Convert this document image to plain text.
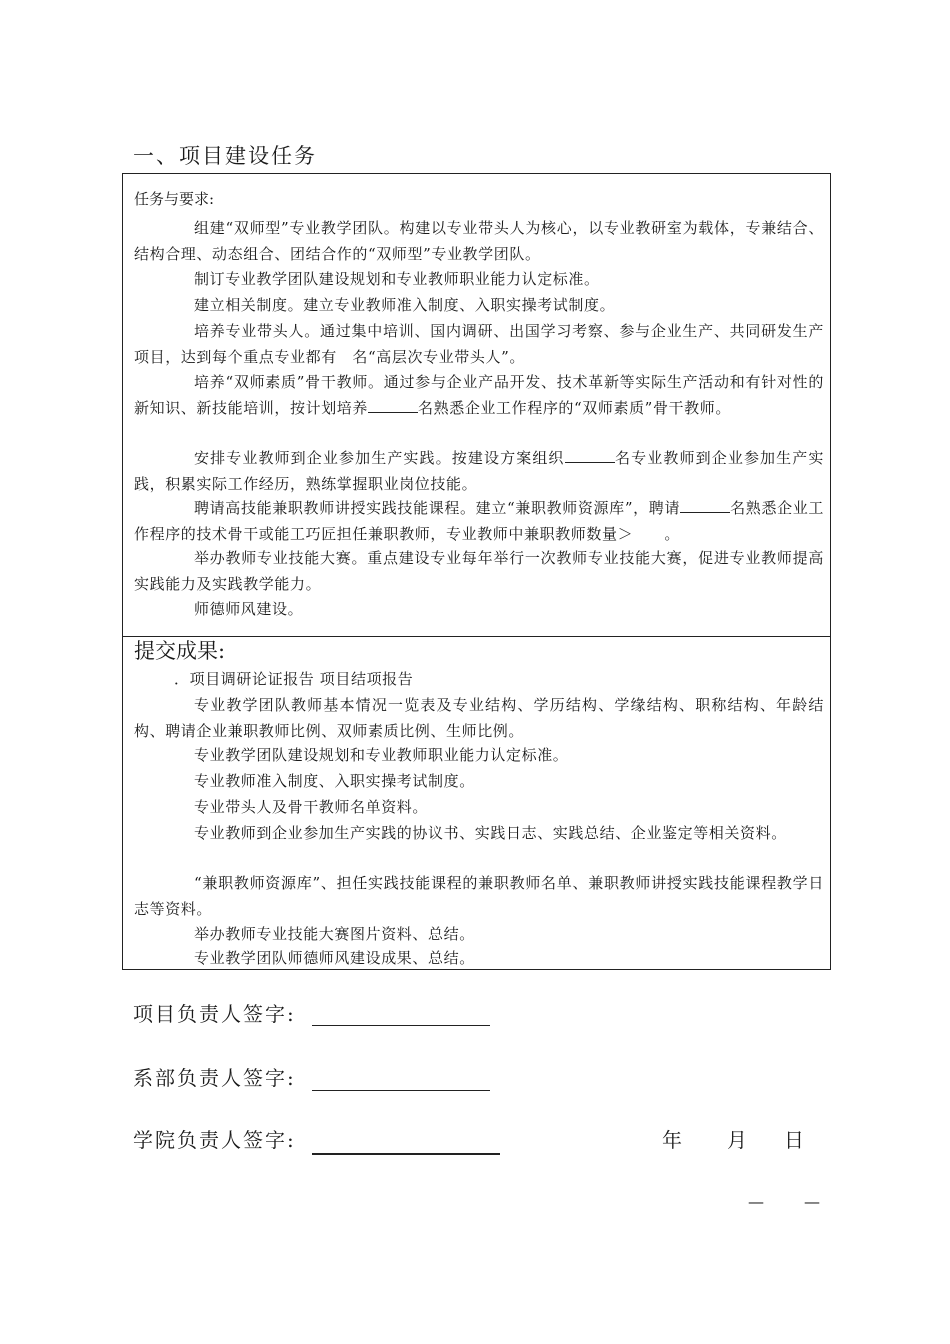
一、项目建设任务
任务与要求:
组建“双师型”专业教学团队。构建以专业带头人为核心，以专业教研室为载体，专兼结合、结构合理、动态组合、团结合作的“双师型”专业教学团队。
制订专业教学团队建设规划和专业教师职业能力认定标准。
建立相关制度。建立专业教师准入制度、入职实操考试制度。
培养专业带头人。通过集中培训、国内调研、出国学习考察、参与企业生产、共同研发生产项目，达到每个重点专业都有　名“高层次专业带头人”。
培养“双师素质”骨干教师。通过参与企业产品开发、技术革新等实际生产活动和有针对性的新知识、新技能培训，按计划培养	名熟悉企业工作程序的“双师素质”骨干教师。
安排专业教师到企业参加生产实践。按建设方案组织	名专业教师到企业参加生产实践，积累实际工作经历，熟练掌握职业岗位技能。
聘请高技能兼职教师讲授实践技能课程。建立“兼职教师资源库”，聘请	名熟悉企业工作程序的技术骨干或能工巧匠担任兼职教师，专业教师中兼职教师数量＞　　。
举办教师专业技能大赛。重点建设专业每年举行一次教师专业技能大赛，促进专业教师提高实践能力及实践教学能力。
师德师风建设。
提交成果:
．项目调研论证报告 项目结项报告
专业教学团队教师基本情况一览表及专业结构、学历结构、学缘结构、职称结构、年龄结构、聘请企业兼职教师比例、双师素质比例、生师比例。
专业教学团队建设规划和专业教师职业能力认定标准。
专业教师准入制度、入职实操考试制度。
专业带头人及骨干教师名单资料。
专业教师到企业参加生产实践的协议书、实践日志、实践总结、企业鉴定等相关资料。
“兼职教师资源库”、担任实践技能课程的兼职教师名单、兼职教师讲授实践技能课程教学日志等资料。
举办教师专业技能大赛图片资料、总结。
专业教学团队师德师风建设成果、总结。
项目负责人签字:
系部负责人签字:
学院负责人签字:	年 月 日
—	—
